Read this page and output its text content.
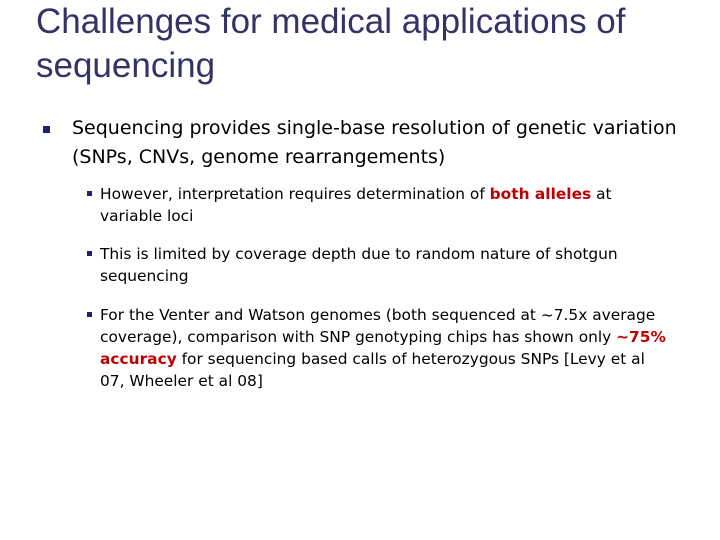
Challenges for medical applications of sequencing
Sequencing provides single-base resolution of genetic variation (SNPs, CNVs, genome rearrangements)
However, interpretation requires determination of both alleles at variable loci
This is limited by coverage depth due to random nature of shotgun sequencing
For the Venter and Watson genomes (both sequenced at ~7.5x average coverage), comparison with SNP genotyping chips has shown only ~75% accuracy for sequencing based calls of heterozygous SNPs [Levy et al 07, Wheeler et al 08]
